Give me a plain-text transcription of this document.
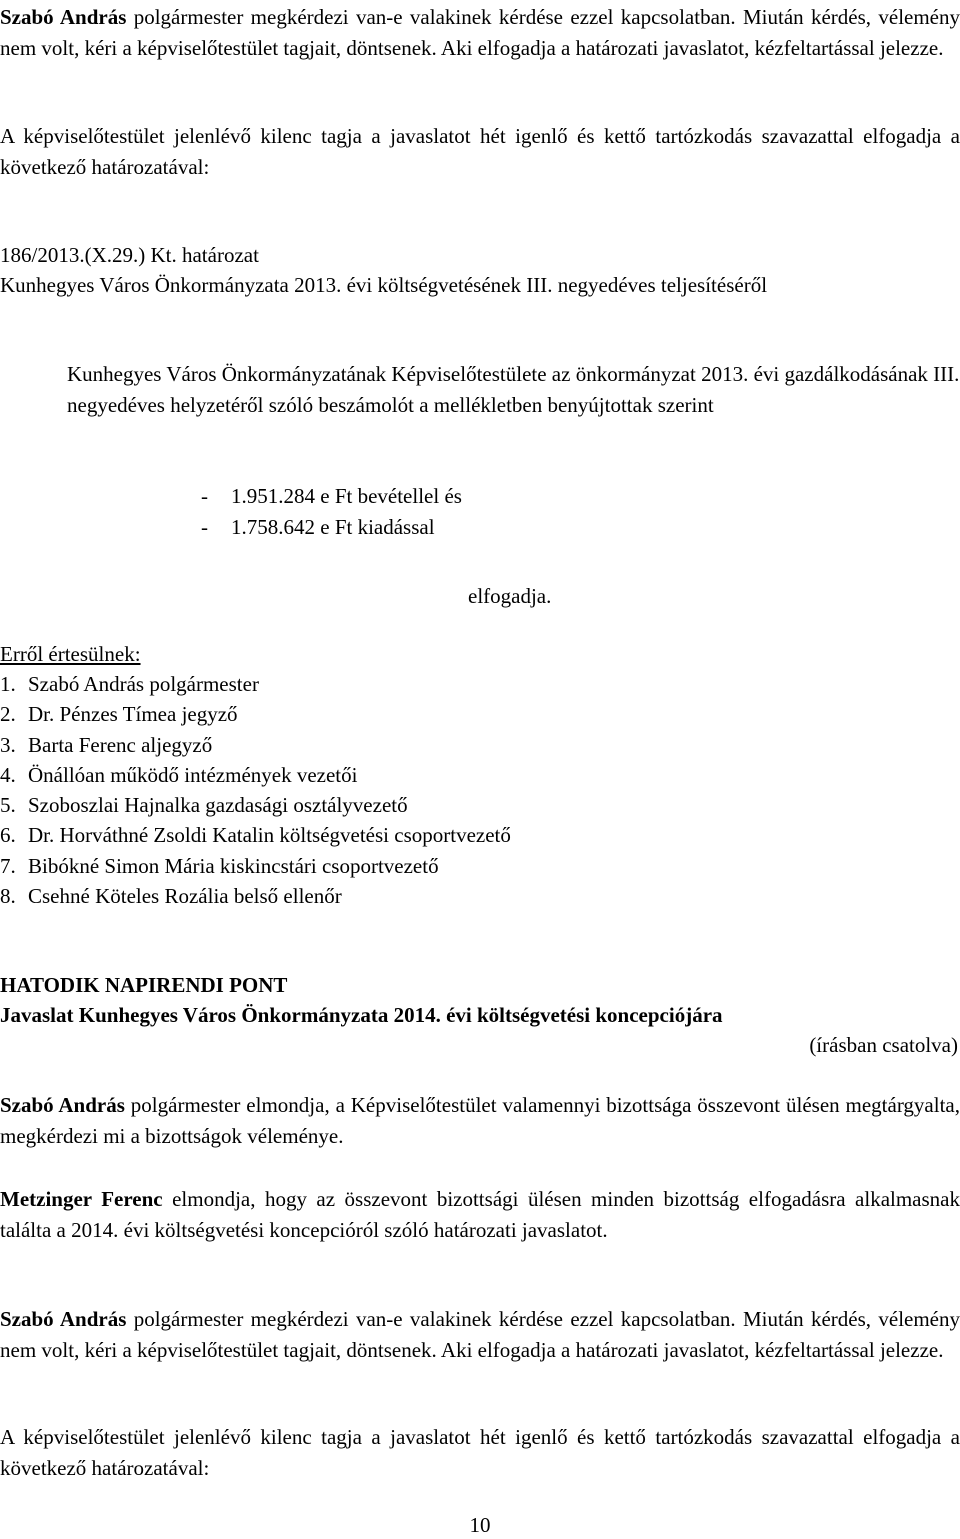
Szabó András polgármester megkérdezi van-e valakinek kérdése ezzel kapcsolatban. Miután kérdés, vélemény nem volt, kéri a képviselőtestület tagjait, döntsenek. Aki elfogadja a határozati javaslatot, kézfeltartással jelezze.

A képviselőtestület jelenlévő kilenc tagja a javaslatot hét igenlő és kettő tartózkodás szavazattal elfogadja a következő határozatával:

186/2013.(X.29.) Kt. határozat

Kunhegyes Város Önkormányzata 2013. évi költségvetésének III. negyedéves teljesítéséről

Kunhegyes Város Önkormányzatának Képviselőtestülete az önkormányzat 2013. évi gazdálkodásának III. negyedéves helyzetéről szóló beszámolót a mellékletben benyújtottak szerint

-	1.951.284 e Ft bevétellel és
-	1.758.642 e Ft kiadással

elfogadja.

Erről értesülnek:

1. Szabó András polgármester
2. Dr. Pénzes Tímea jegyző
3. Barta Ferenc aljegyző
4. Önállóan működő intézmények vezetői
5. Szoboszlai Hajnalka gazdasági osztályvezető
6. Dr. Horváthné Zsoldi Katalin költségvetési csoportvezető
7. Bibókné Simon Mária kiskincstári csoportvezető
8. Csehné Köteles Rozália belső ellenőr

HATODIK NAPIRENDI PONT

Javaslat Kunhegyes Város Önkormányzata 2014. évi költségvetési koncepciójára

(írásban csatolva)

Szabó András polgármester elmondja, a Képviselőtestület valamennyi bizottsága összevont ülésen megtárgyalta, megkérdezi mi a bizottságok véleménye.

Metzinger Ferenc elmondja, hogy az összevont bizottsági ülésen minden bizottság elfogadásra alkalmasnak találta a 2014. évi költségvetési koncepcióról szóló határozati javaslatot.

Szabó András polgármester megkérdezi van-e valakinek kérdése ezzel kapcsolatban. Miután kérdés, vélemény nem volt, kéri a képviselőtestület tagjait, döntsenek. Aki elfogadja a határozati javaslatot, kézfeltartással jelezze.

A képviselőtestület jelenlévő kilenc tagja a javaslatot hét igenlő és kettő tartózkodás szavazattal elfogadja a következő határozatával:

10
